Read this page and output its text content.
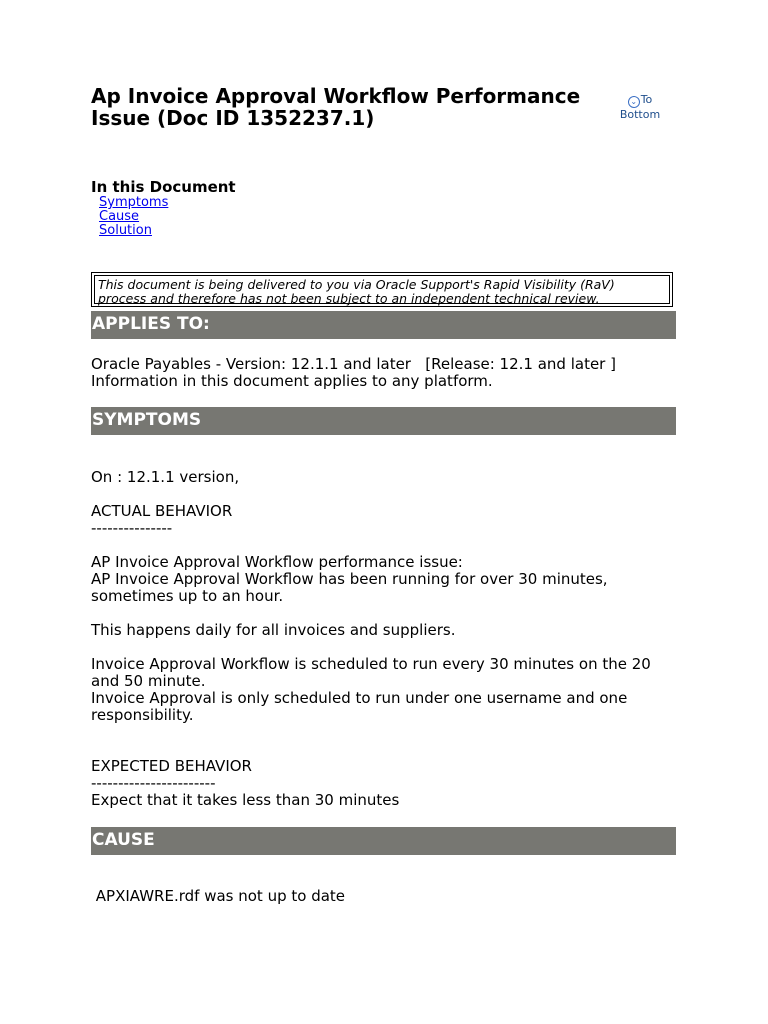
Ap Invoice Approval Workflow Performance Issue (Doc ID 1352237.1)
⌄ To Bottom
In this Document
Symptoms
Cause
Solution
This document is being delivered to you via Oracle Support's Rapid Visibility (RaV) process and therefore has not been subject to an independent technical review.
APPLIES TO:

Oracle Payables - Version: 12.1.1 and later   [Release: 12.1 and later ]

Information in this document applies to any platform.

SYMPTOMS

On : 12.1.1 version,

ACTUAL BEHAVIOR

---------------

AP Invoice Approval Workflow performance issue:

AP Invoice Approval Workflow has been running for over 30 minutes, sometimes up to an hour.

This happens daily for all invoices and suppliers.

Invoice Approval Workflow is scheduled to run every 30 minutes on the 20 and 50 minute.

Invoice Approval is only scheduled to run under one username and one responsibility.

EXPECTED BEHAVIOR

-----------------------

Expect that it takes less than 30 minutes

CAUSE

APXIAWRE.rdf was not up to date
